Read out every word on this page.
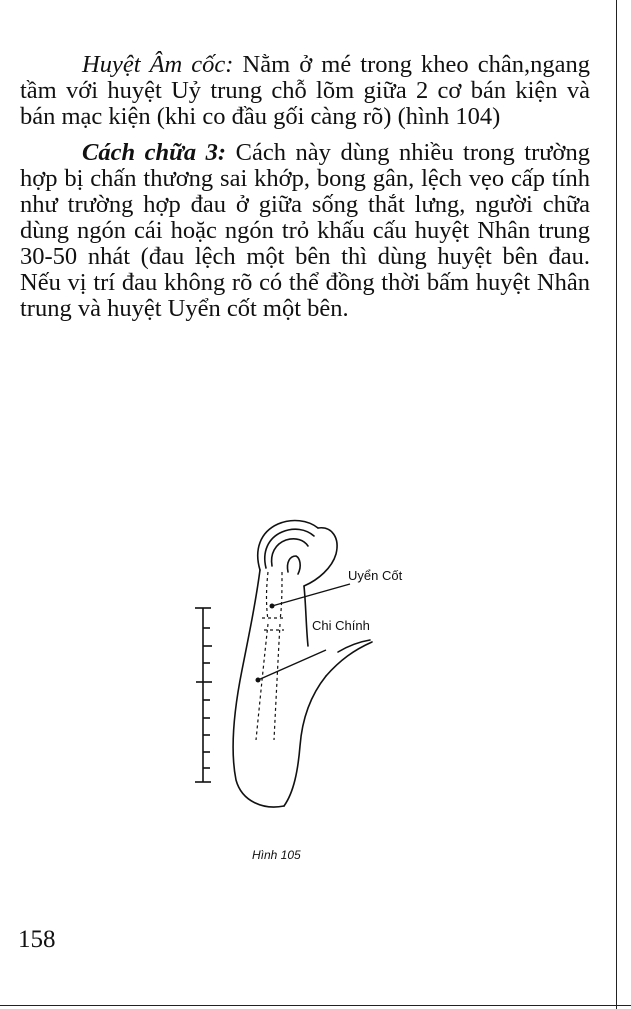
Huyệt Âm cốc: Nằm ở mé trong kheo chân,ngang tầm với huyệt Uỷ trung chỗ lõm giữa 2 cơ bán kiện và bán mạc kiện (khi co đầu gối càng rõ) (hình 104)

Cách chữa 3: Cách này dùng nhiều trong trường hợp bị chấn thương sai khớp, bong gân, lệch vẹo cấp tính như trường hợp đau ở giữa sống thắt lưng, người chữa dùng ngón cái hoặc ngón trỏ khấu cấu huyệt Nhân trung 30-50 nhát (đau lệch một bên thì dùng huyệt bên đau. Nếu vị trí đau không rõ có thể đồng thời bấm huyệt Nhân trung và huyệt Uyển cốt một bên.

Uyển Cốt
Chi Chính
Hình 105
158
